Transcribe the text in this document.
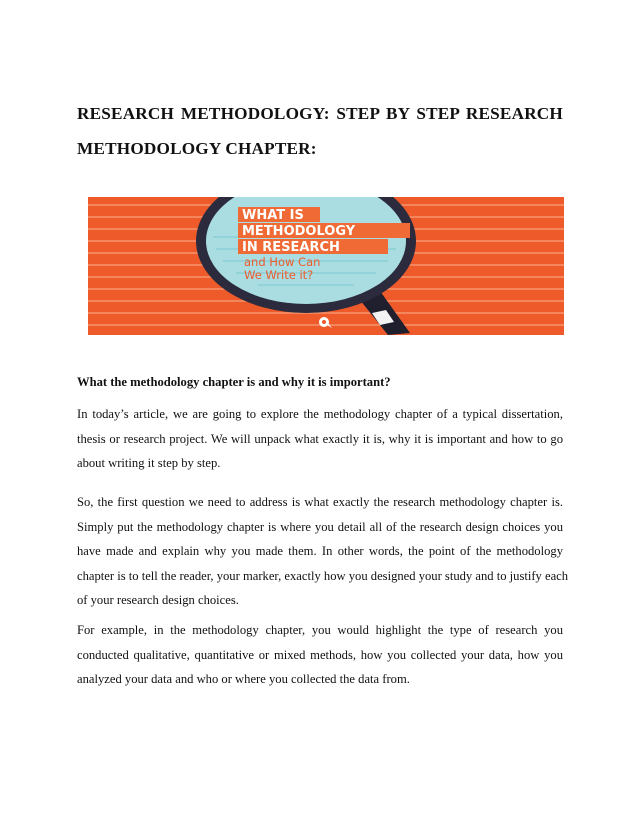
RESEARCH METHODOLOGY: STEP BY STEP RESEARCH
METHODOLOGY CHAPTER:
WHAT IS
METHODOLOGY
IN RESEARCH
and How Can
We Write it?
What the methodology chapter is and why it is important?

In today’s article, we are going to explore the methodology chapter of a typical dissertation,
thesis or research project. We will unpack what exactly it is, why it is important and how to go
about writing it step by step.

So, the first question we need to address is what exactly the research methodology chapter is.
Simply put the methodology chapter is where you detail all of the research design choices you
have made and explain why you made them. In other words, the point of the methodology
chapter is to tell the reader, your marker, exactly how you designed your study and to justify each
of your research design choices.

For example, in the methodology chapter, you would highlight the type of research you
conducted qualitative, quantitative or mixed methods, how you collected your data, how you
analyzed your data and who or where you collected the data from.
